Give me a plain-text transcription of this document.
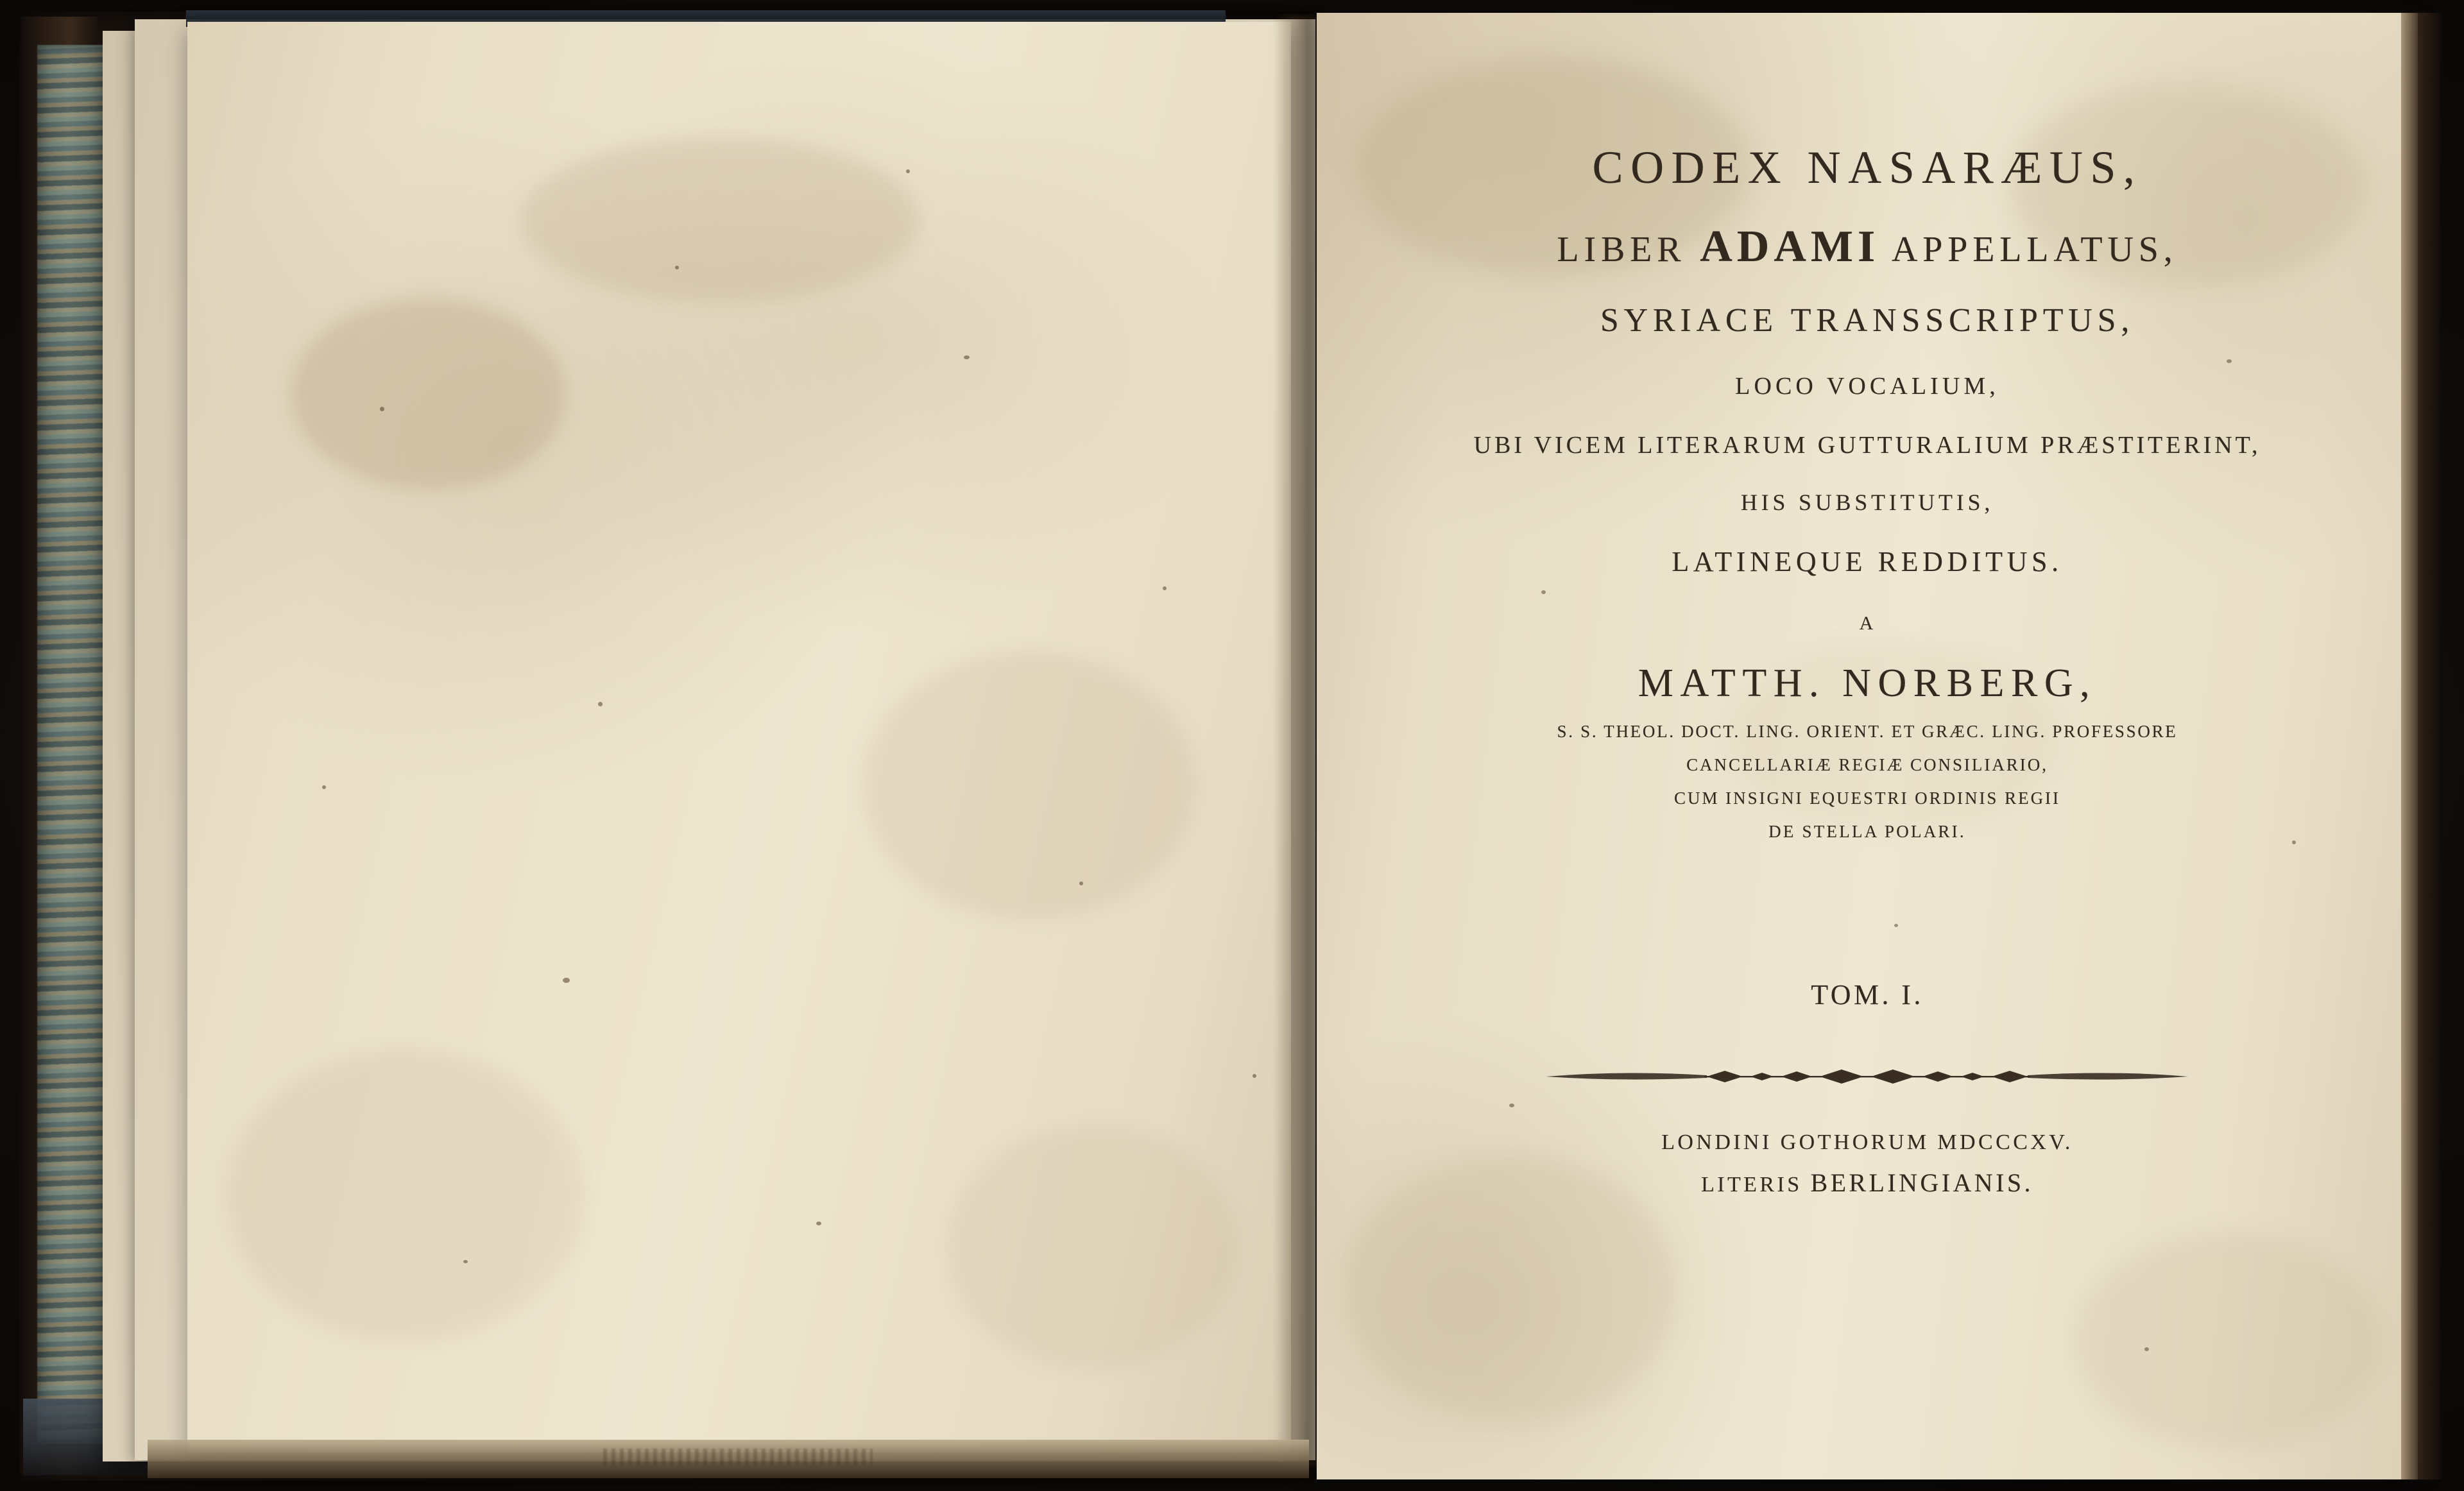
CODEX NASARÆUS,
LIBER ADAMI APPELLATUS,
SYRIACE TRANSSCRIPTUS,
LOCO VOCALIUM,
UBI VICEM LITERARUM GUTTURALIUM PRÆSTITERINT,
HIS SUBSTITUTIS,
LATINEQUE REDDITUS.
A
MATTH. NORBERG,
S. S. THEOL. DOCT. LING. ORIENT. ET GRÆC. LING. PROFESSORE
CANCELLARIÆ REGIÆ CONSILIARIO,
CUM INSIGNI EQUESTRI ORDINIS REGII
DE STELLA POLARI.
TOM. I.
LONDINI GOTHORUM MDCCCXV.
LITERIS BERLINGIANIS.
